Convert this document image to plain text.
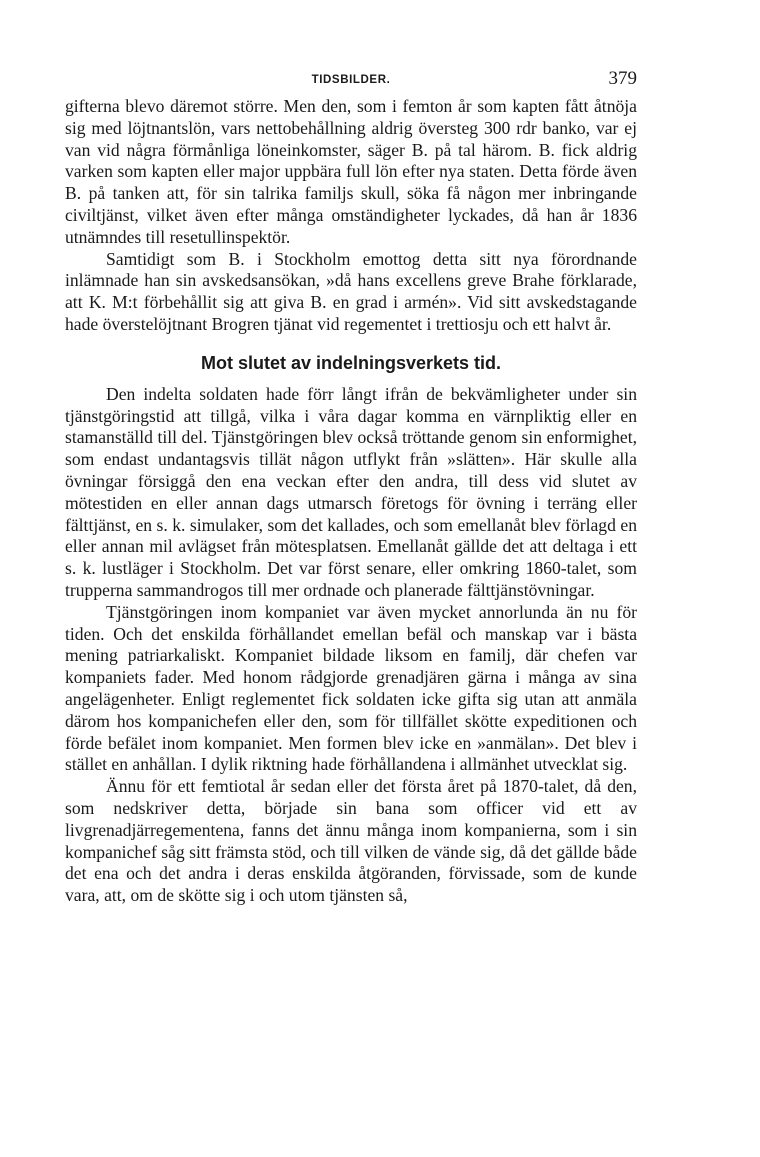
TIDSBILDER.	379

gifterna blevo däremot större. Men den, som i femton år som kapten fått åtnöja sig med löjtnantslön, vars nettobehållning aldrig översteg 300 rdr banko, var ej van vid några förmånliga löneinkomster, säger B. på tal härom. B. fick aldrig varken som kapten eller major uppbära full lön efter nya staten. Detta förde även B. på tanken att, för sin talrika familjs skull, söka få någon mer inbringande civiltjänst, vilket även efter många omständigheter lyckades, då han år 1836 utnämndes till resetullinspektör.

Samtidigt som B. i Stockholm emottog detta sitt nya förordnande inlämnade han sin avskedsansökan, »då hans excellens greve Brahe förklarade, att K. M:t förbehållit sig att giva B. en grad i armén». Vid sitt avskedstagande hade överstelöjtnant Brogren tjänat vid regementet i trettiosju och ett halvt år.

Mot slutet av indelningsverkets tid.

Den indelta soldaten hade förr långt ifrån de bekvämligheter under sin tjänstgöringstid att tillgå, vilka i våra dagar komma en värnpliktig eller en stamanställd till del. Tjänstgöringen blev också tröttande genom sin enformighet, som endast undantagsvis tillät någon utflykt från »slätten». Här skulle alla övningar försiggå den ena veckan efter den andra, till dess vid slutet av mötestiden en eller annan dags utmarsch företogs för övning i terräng eller fälttjänst, en s. k. simulaker, som det kallades, och som emellanåt blev förlagd en eller annan mil avlägset från mötesplatsen. Emellanåt gällde det att deltaga i ett s. k. lustläger i Stockholm. Det var först senare, eller omkring 1860-talet, som trupperna sammandrogos till mer ordnade och planerade fälttjänstövningar.

Tjänstgöringen inom kompaniet var även mycket annorlunda än nu för tiden. Och det enskilda förhållandet emellan befäl och manskap var i bästa mening patriarkaliskt. Kompaniet bildade liksom en familj, där chefen var kompaniets fader. Med honom rådgjorde grenadjären gärna i många av sina angelägenheter. Enligt reglementet fick soldaten icke gifta sig utan att anmäla därom hos kompanichefen eller den, som för tillfället skötte expeditionen och förde befälet inom kompaniet. Men formen blev icke en »anmälan». Det blev i stället en anhållan. I dylik riktning hade förhållandena i allmänhet utvecklat sig.

Ännu för ett femtiotal år sedan eller det första året på 1870-talet, då den, som nedskriver detta, började sin bana som officer vid ett av livgrenadjärregementena, fanns det ännu många inom kompanierna, som i sin kompanichef såg sitt främsta stöd, och till vilken de vände sig, då det gällde både det ena och det andra i deras enskilda åtgöranden, förvissade, som de kunde vara, att, om de skötte sig i och utom tjänsten så,
